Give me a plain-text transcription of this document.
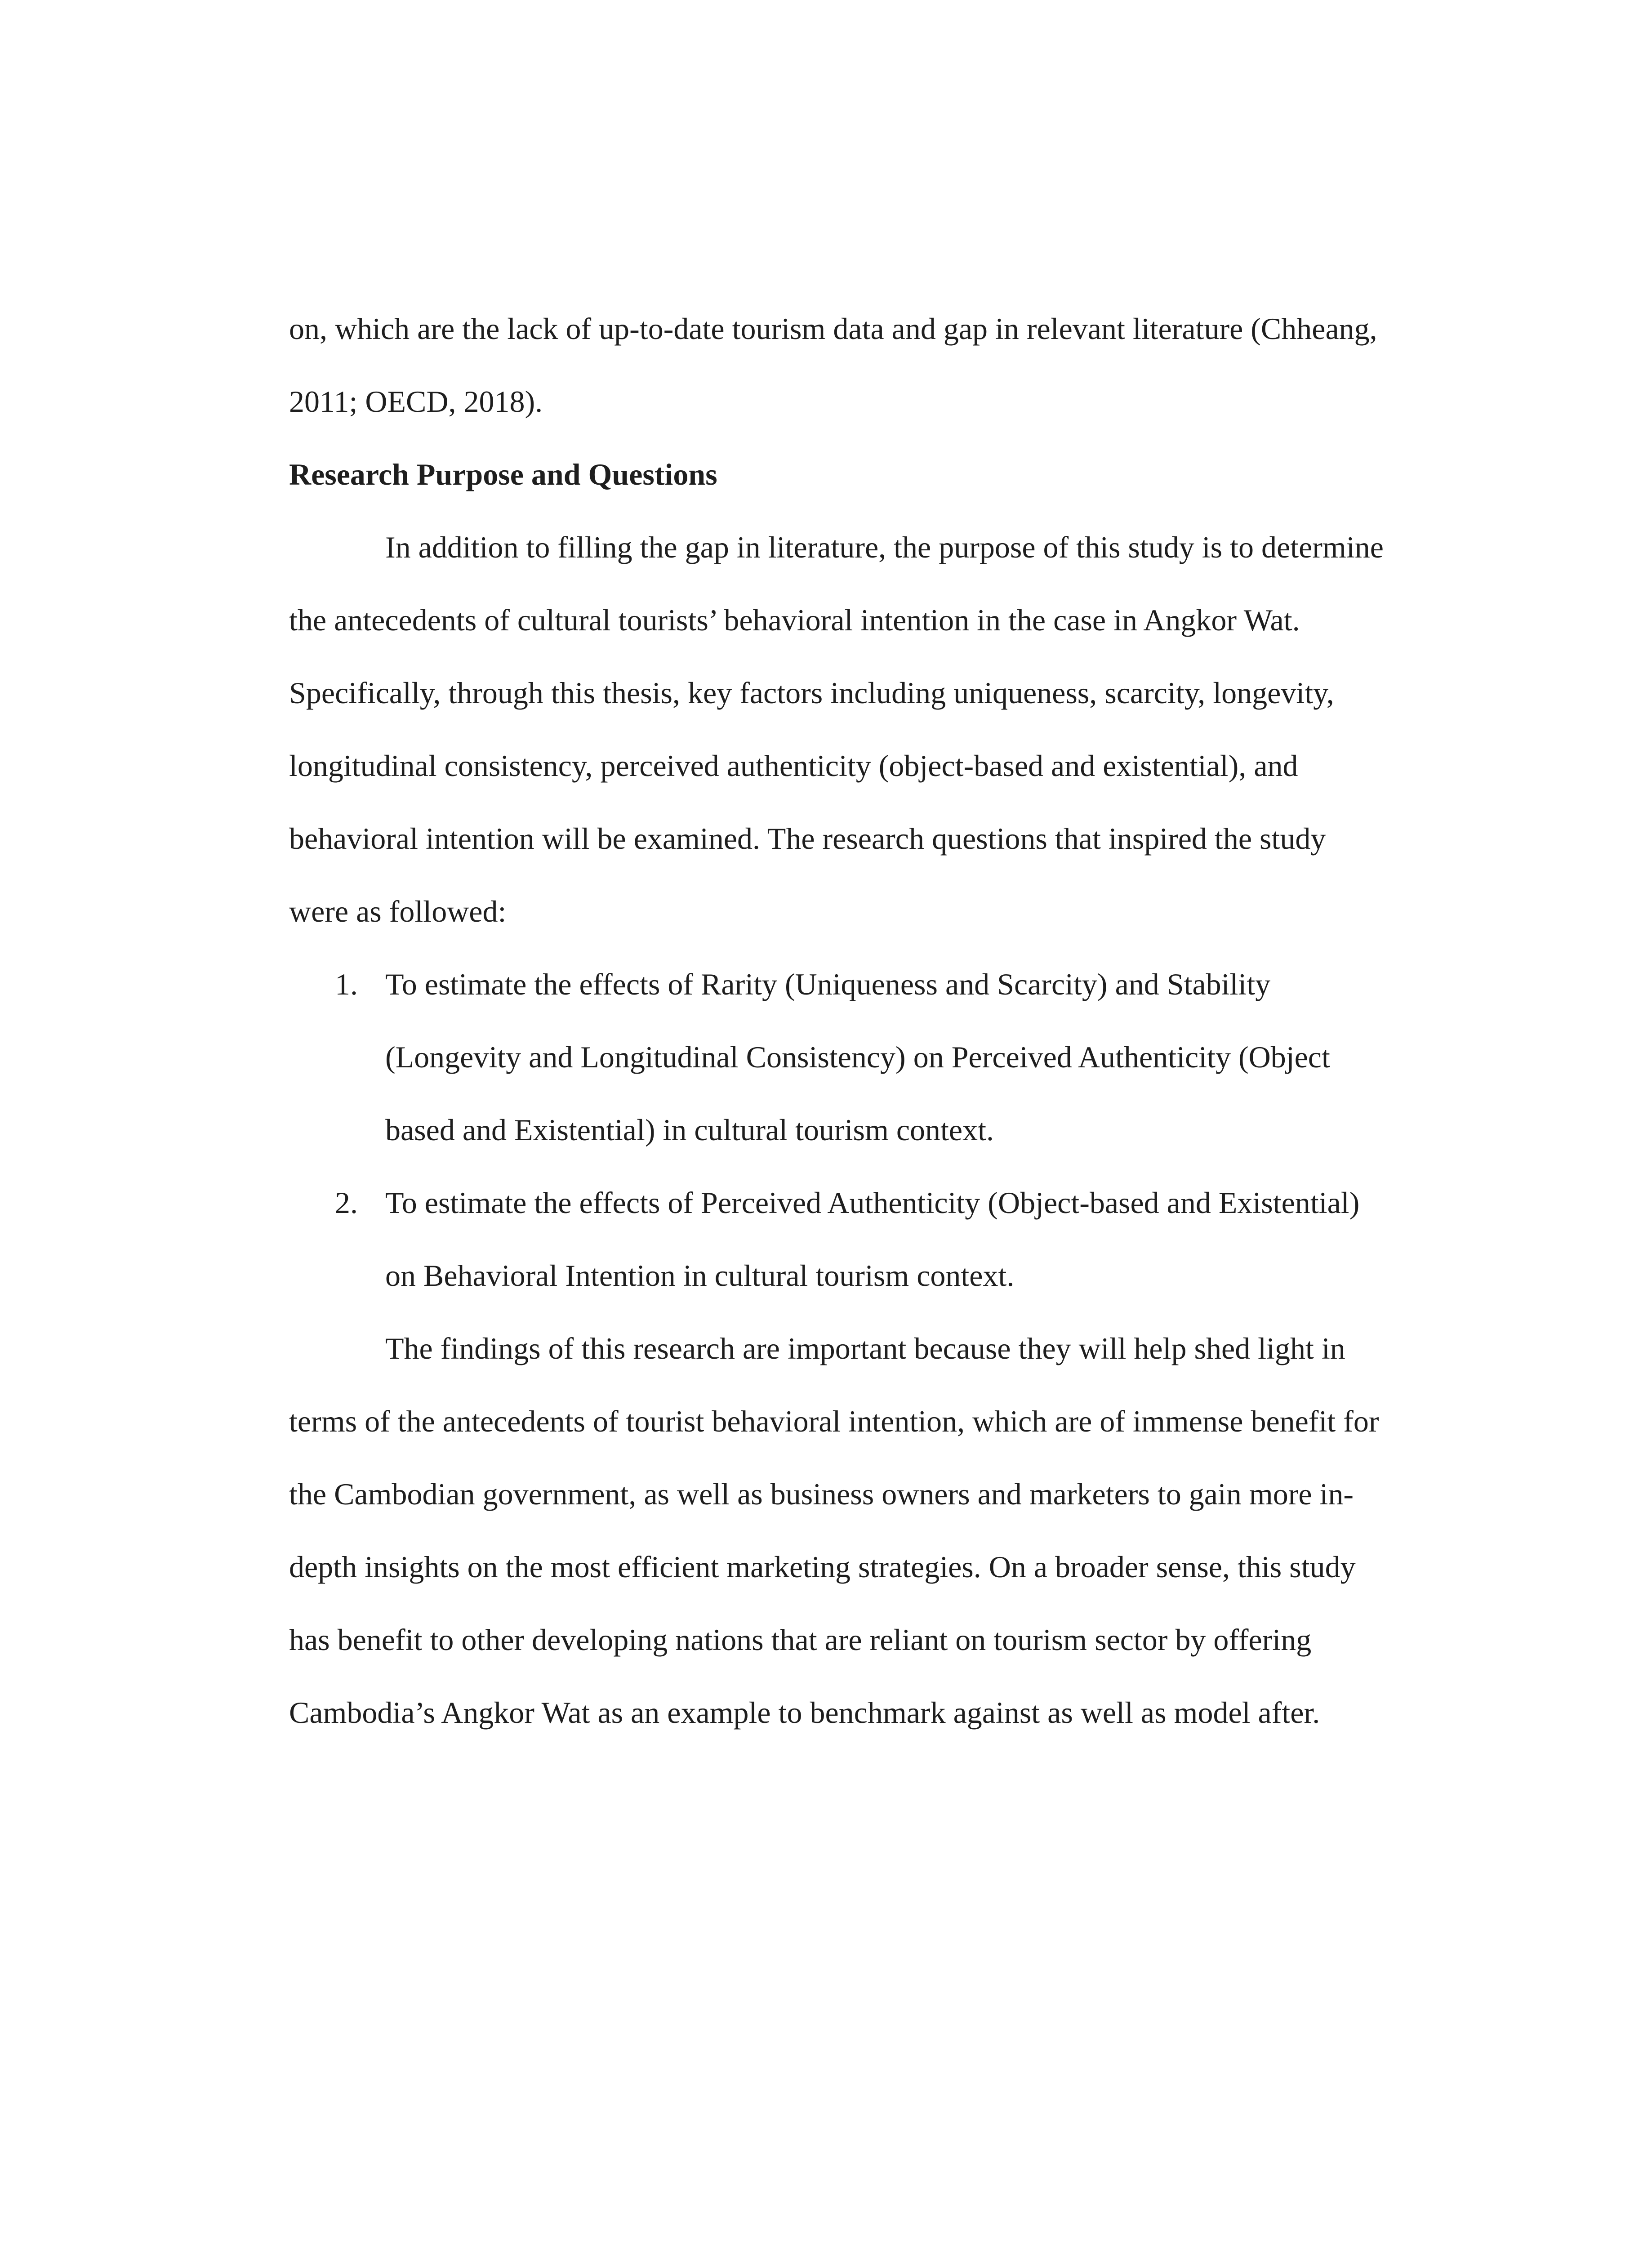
on, which are the lack of up-to-date tourism data and gap in relevant literature (Chheang,
2011; OECD, 2018).
Research Purpose and Questions
In addition to filling the gap in literature, the purpose of this study is to determine
the antecedents of cultural tourists’ behavioral intention in the case in Angkor Wat.
Specifically, through this thesis, key factors including uniqueness, scarcity, longevity,
longitudinal consistency, perceived authenticity (object-based and existential), and
behavioral intention will be examined. The research questions that inspired the study
were as followed:
1. To estimate the effects of Rarity (Uniqueness and Scarcity) and Stability
(Longevity and Longitudinal Consistency) on Perceived Authenticity (Object
based and Existential) in cultural tourism context.
2. To estimate the effects of Perceived Authenticity (Object-based and Existential)
on Behavioral Intention in cultural tourism context.
The findings of this research are important because they will help shed light in
terms of the antecedents of tourist behavioral intention, which are of immense benefit for
the Cambodian government, as well as business owners and marketers to gain more in-
depth insights on the most efficient marketing strategies. On a broader sense, this study
has benefit to other developing nations that are reliant on tourism sector by offering
Cambodia’s Angkor Wat as an example to benchmark against as well as model after.
